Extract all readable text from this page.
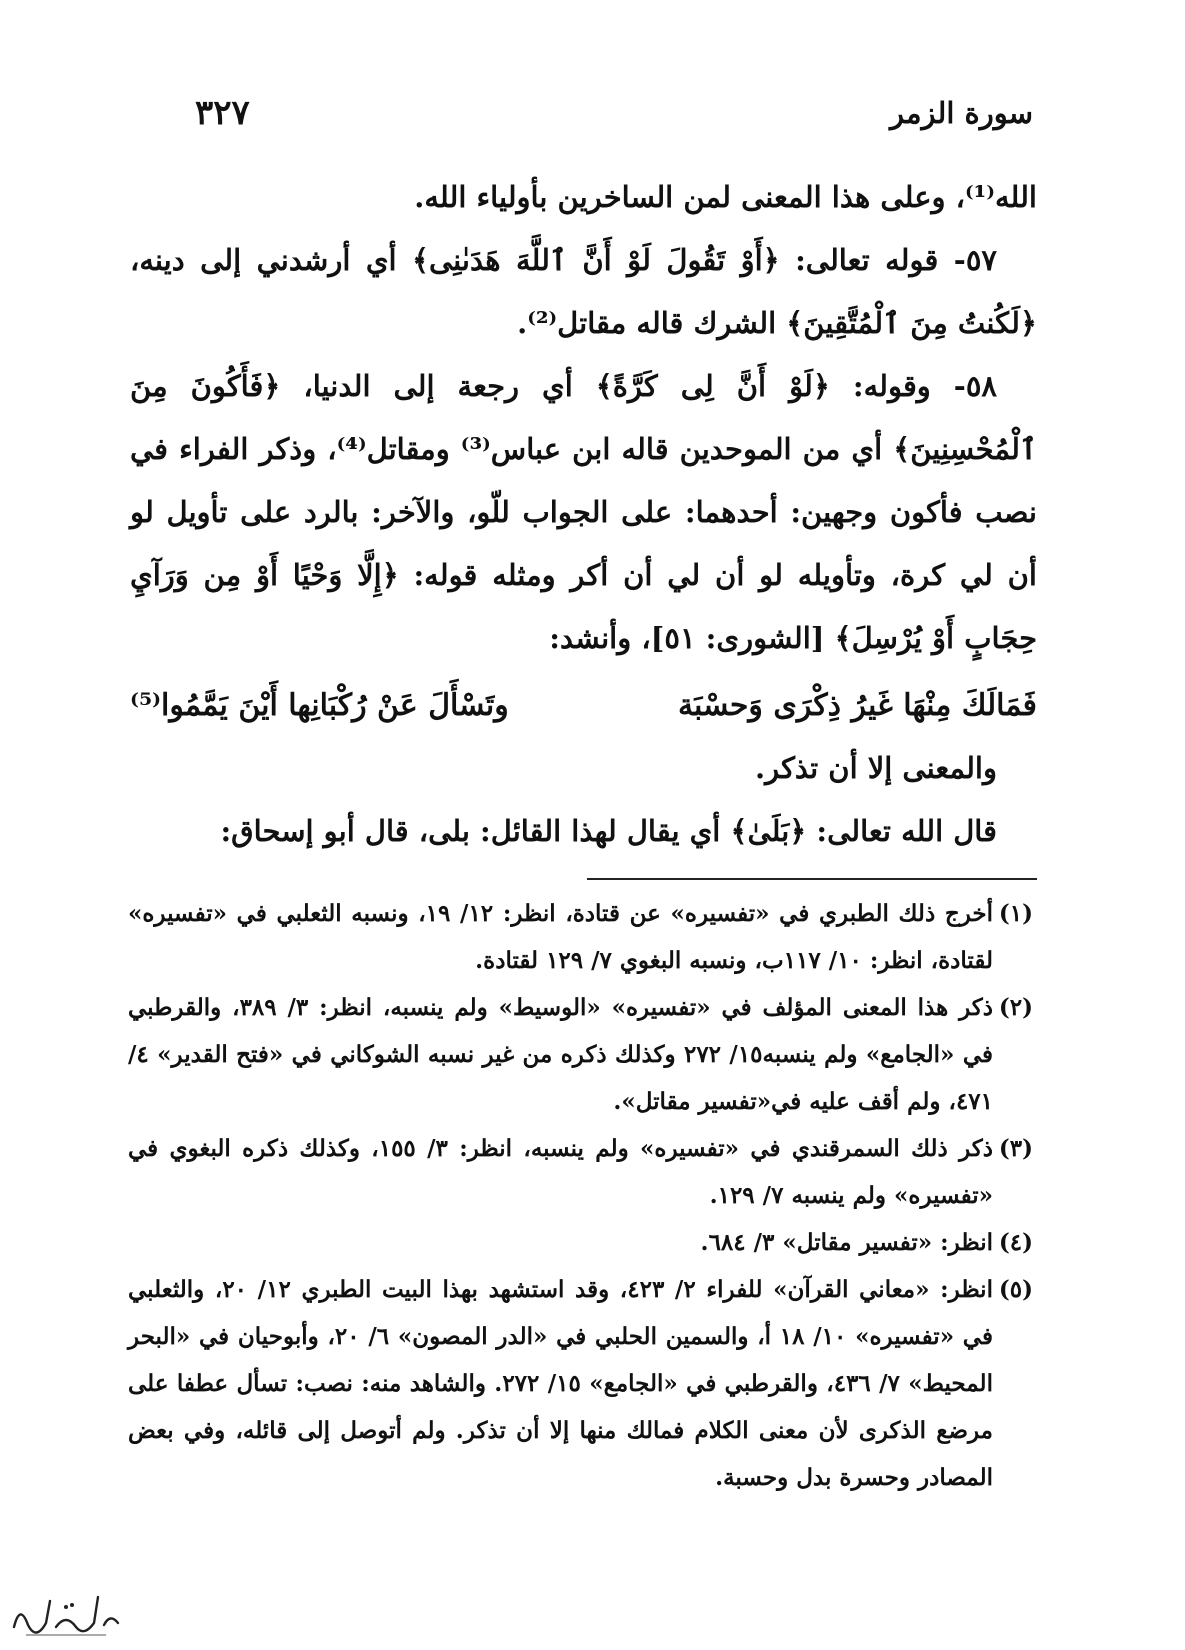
سورة الزمر
٣٢٧

الله⁽¹⁾، وعلى هذا المعنى لمن الساخرين بأولياء الله.

٥٧- قوله تعالى: ﴿أَوْ تَقُولَ لَوْ أَنَّ ٱللَّهَ هَدَىٰنِى﴾ أي أرشدني إلى دينه، ﴿لَكُنتُ مِنَ ٱلْمُتَّقِينَ﴾ الشرك قاله مقاتل⁽²⁾.

٥٨- وقوله: ﴿لَوْ أَنَّ لِى كَرَّةً﴾ أي رجعة إلى الدنيا، ﴿فَأَكُونَ مِنَ ٱلْمُحْسِنِينَ﴾ أي من الموحدين قاله ابن عباس⁽³⁾ ومقاتل⁽⁴⁾، وذكر الفراء في نصب فأكون وجهين: أحدهما: على الجواب للّو، والآخر: بالرد على تأويل لو أن لي كرة، وتأويله لو أن لي أن أكر ومثله قوله: ﴿إِلَّا وَحْيًا أَوْ مِن وَرَآيِ حِجَابٍ أَوْ يُرْسِلَ﴾ [الشورى: ٥١]، وأنشد:

فَمَالَكَ مِنْهَا غَيرُ ذِكْرَى وَحسْبَة
وتَسْأَلَ عَنْ رُكْبَانِها أَيْنَ يَمَّمُوا⁽⁵⁾

والمعنى إلا أن تذكر.

قال الله تعالى: ﴿بَلَىٰ﴾ أي يقال لهذا القائل: بلى، قال أبو إسحاق:

(١)
أخرج ذلك الطبري في «تفسيره» عن قتادة، انظر: ١٢/ ١٩، ونسبه الثعلبي في «تفسيره» لقتادة، انظر: ١٠/ ١١٧ب، ونسبه البغوي ٧/ ١٢٩ لقتادة.
(٢)
ذكر هذا المعنى المؤلف في «تفسيره» «الوسيط» ولم ينسبه، انظر: ٣/ ٣٨٩، والقرطبي في «الجامع» ولم ينسبه١٥/ ٢٧٢ وكذلك ذكره من غير نسبه الشوكاني في «فتح القدير» ٤/ ٤٧١، ولم أقف عليه في«تفسير مقاتل».
(٣)
ذكر ذلك السمرقندي في «تفسيره» ولم ينسبه، انظر: ٣/ ١٥٥، وكذلك ذكره البغوي في «تفسيره» ولم ينسبه ٧/ ١٢٩.
(٤)
انظر: «تفسير مقاتل» ٣/ ٦٨٤.
(٥)
انظر: «معاني القرآن» للفراء ٢/ ٤٢٣، وقد استشهد بهذا البيت الطبري ١٢/ ٢٠، والثعلبي في «تفسيره» ١٠/ ١٨ أ، والسمين الحلبي في «الدر المصون» ٦/ ٢٠، وأبوحيان في «البحر المحيط» ٧/ ٤٣٦، والقرطبي في «الجامع» ١٥/ ٢٧٢. والشاهد منه: نصب: تسأل عطفا على مرضع الذكرى لأن معنى الكلام فمالك منها إلا أن تذكر. ولم أتوصل إلى قائله، وفي بعض المصادر وحسرة بدل وحسبة.
